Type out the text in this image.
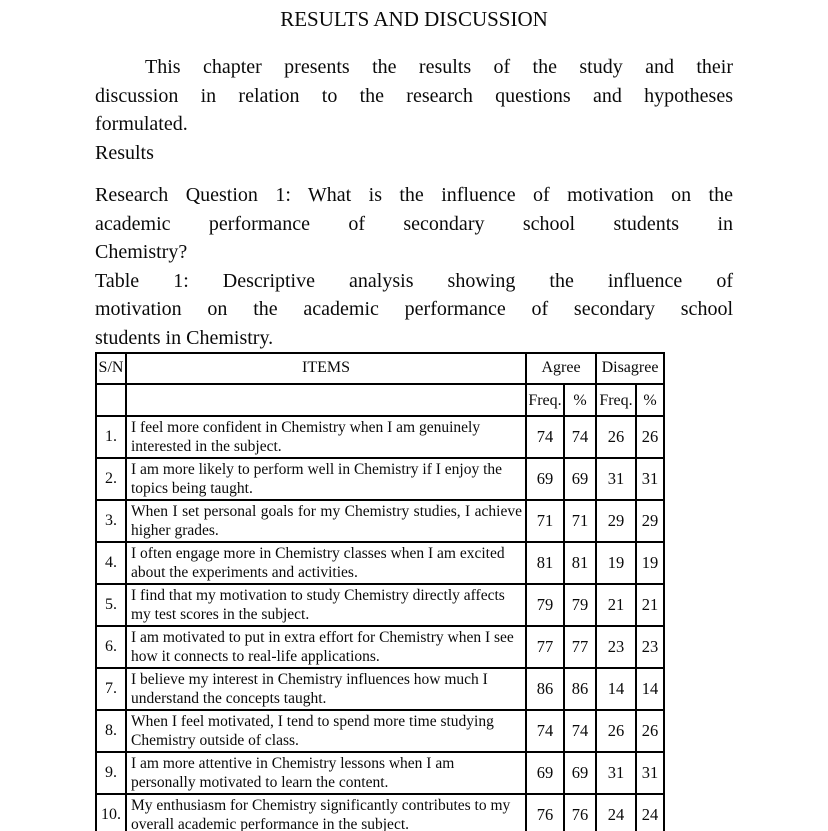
RESULTS AND DISCUSSION
This chapter presents the results of the study and their
discussion in relation to the research questions and hypotheses
formulated.
Results
Research Question 1: What is the influence of motivation on the
academic performance of secondary school students in
Chemistry?
Table 1: Descriptive analysis showing the influence of
motivation on the academic performance of secondary school
students in Chemistry.
S/N	ITEMS	Agree		Disagree	
		Freq.	%	Freq.	%
1.	I feel more confident in Chemistry when I am genuinely interested in the subject.	74	74	26	26
2.	I am more likely to perform well in Chemistry if I enjoy the topics being taught.	69	69	31	31
3.	When I set personal goals for my Chemistry studies, I achieve higher grades.	71	71	29	29
4.	I often engage more in Chemistry classes when I am excited about the experiments and activities.	81	81	19	19
5.	I find that my motivation to study Chemistry directly affects my test scores in the subject.	79	79	21	21
6.	I am motivated to put in extra effort for Chemistry when I see how it connects to real-life applications.	77	77	23	23
7.	I believe my interest in Chemistry influences how much I understand the concepts taught.	86	86	14	14
8.	When I feel motivated, I tend to spend more time studying Chemistry outside of class.	74	74	26	26
9.	I am more attentive in Chemistry lessons when I am personally motivated to learn the content.	69	69	31	31
10.	My enthusiasm for Chemistry significantly contributes to my overall academic performance in the subject.	76	76	24	24
